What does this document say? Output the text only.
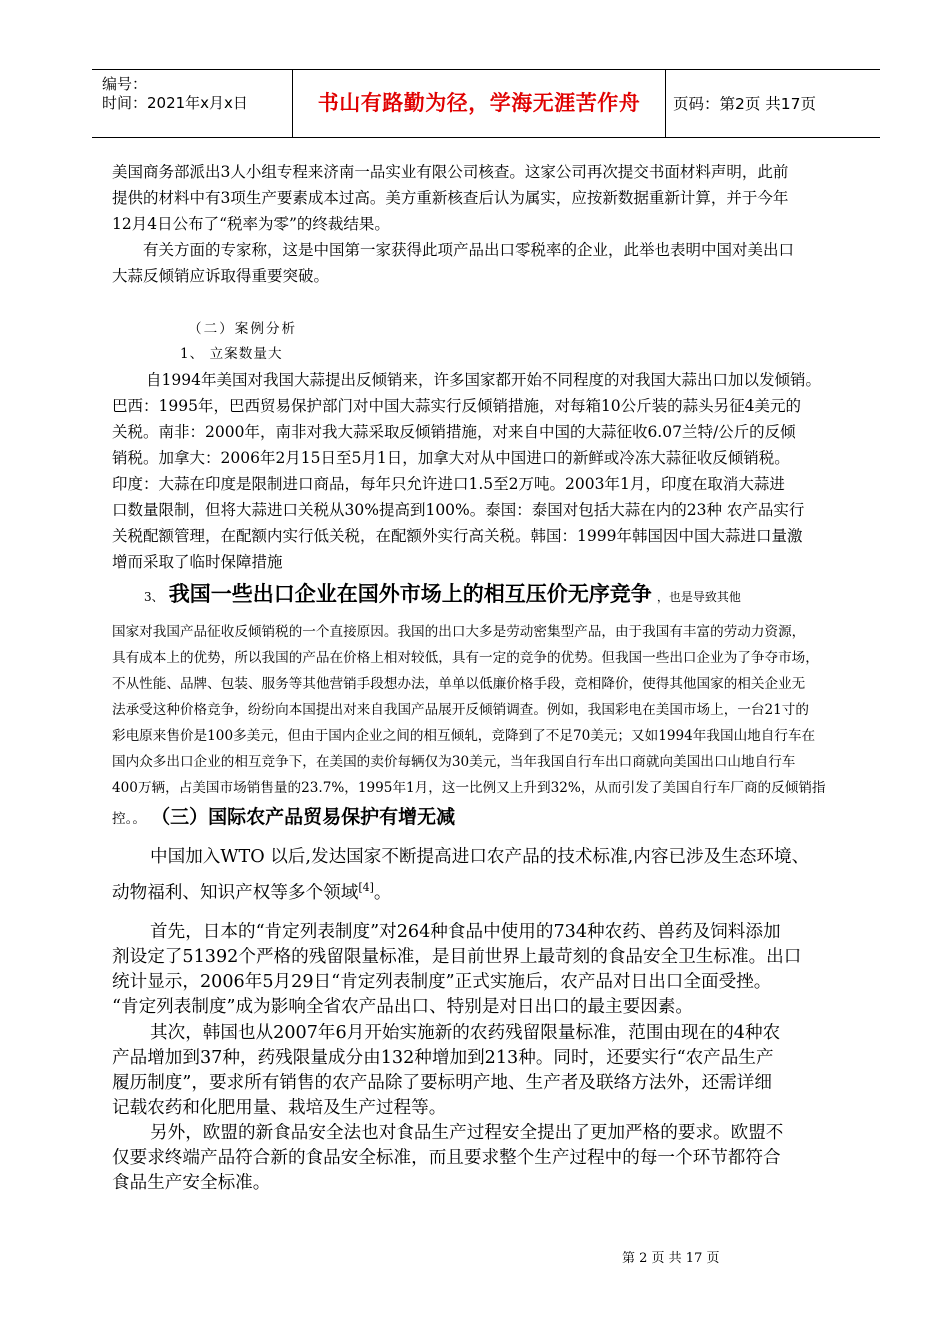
编号：
时间：2021年x月x日	书山有路勤为径，学海无涯苦作舟	页码：第2页 共17页
美国商务部派出3人小组专程来济南一品实业有限公司核查。这家公司再次提交书面材料声明，此前
提供的材料中有3项生产要素成本过高。美方重新核查后认为属实，应按新数据重新计算，并于今年
12月4日公布了“税率为零”的终裁结果。
有关方面的专家称，这是中国第一家获得此项产品出口零税率的企业，此举也表明中国对美出口
大蒜反倾销应诉取得重要突破。
（二）案例分析
1、 立案数量大
自1994年美国对我国大蒜提出反倾销来，许多国家都开始不同程度的对我国大蒜出口加以发倾销。
巴西：1995年，巴西贸易保护部门对中国大蒜实行反倾销措施，对每箱10公斤装的蒜头另征4美元的
关税。南非：2000年，南非对我大蒜采取反倾销措施，对来自中国的大蒜征收6.07兰特/公斤的反倾
销税。加拿大：2006年2月15日至5月1日，加拿大对从中国进口的新鲜或冷冻大蒜征收反倾销税。
印度：大蒜在印度是限制进口商品，每年只允许进口1.5至2万吨。2003年1月，印度在取消大蒜进
口数量限制，但将大蒜进口关税从30%提高到100%。泰国：泰国对包括大蒜在内的23种 农产品实行
关税配额管理，在配额内实行低关税，在配额外实行高关税。韩国：1999年韩国因中国大蒜进口量激
增而采取了临时保障措施
3、 我国一些出口企业在国外市场上的相互压价无序竞争 ，也是导致其他
国家对我国产品征收反倾销税的一个直接原因。我国的出口大多是劳动密集型产品，由于我国有丰富的劳动力资源，
具有成本上的优势，所以我国的产品在价格上相对较低，具有一定的竞争的优势。但我国一些出口企业为了争夺市场，
不从性能、品牌、包装、服务等其他营销手段想办法，单单以低廉价格手段，竞相降价，使得其他国家的相关企业无
法承受这种价格竞争，纷纷向本国提出对来自我国产品展开反倾销调查。例如，我国彩电在美国市场上，一台21寸的
彩电原来售价是100多美元，但由于国内企业之间的相互倾轧，竞降到了不足70美元；又如1994年我国山地自行车在
国内众多出口企业的相互竞争下，在美国的卖价每辆仅为30美元，当年我国自行车出口商就向美国出口山地自行车
400万辆，占美国市场销售量的23.7%，1995年1月，这一比例又上升到32%，从而引发了美国自行车厂商的反倾销指
控。。 （三）国际农产品贸易保护有增无减
中国加入WTO 以后,发达国家不断提高进口农产品的技术标准,内容已涉及生态环境、
动物福利、知识产权等多个领域[4]。
首先，日本的“肯定列表制度”对264种食品中使用的734种农药、兽药及饲料添加
剂设定了51392个严格的残留限量标准，是目前世界上最苛刻的食品安全卫生标准。出口
统计显示，2006年5月29日“肯定列表制度”正式实施后，农产品对日出口全面受挫。
“肯定列表制度”成为影响全省农产品出口、特别是对日出口的最主要因素。
其次，韩国也从2007年6月开始实施新的农药残留限量标准，范围由现在的4种农
产品增加到37种，药残限量成分由132种增加到213种。同时，还要实行“农产品生产
履历制度”，要求所有销售的农产品除了要标明产地、生产者及联络方法外，还需详细
记载农药和化肥用量、栽培及生产过程等。
另外，欧盟的新食品安全法也对食品生产过程安全提出了更加严格的要求。欧盟不
仅要求终端产品符合新的食品安全标准，而且要求整个生产过程中的每一个环节都符合
食品生产安全标准。
第 2 页 共 17 页
